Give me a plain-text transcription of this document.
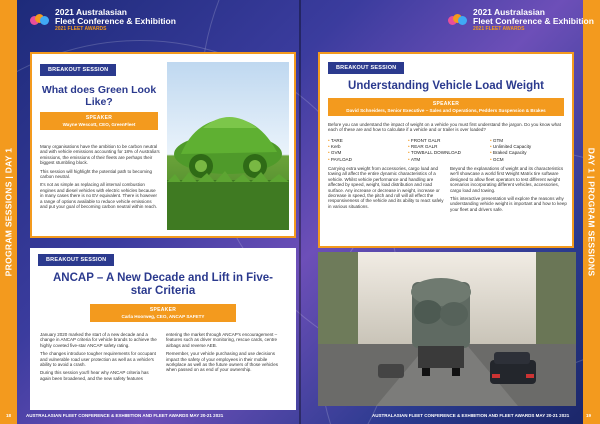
PROGRAM SESSIONS | DAY 1	DAY 1 | PROGRAM SESSIONS
2021 Australasian
Fleet Conference & Exhibition
2021 FLEET AWARDS
2021 Australasian
Fleet Conference & Exhibition
2021 FLEET AWARDS
BREAKOUT SESSION
What does Green Look Like?
SPEAKER
Wayne Wescott, CEO, GreenFleet

Many organisations have the ambition to be carbon neutral and with vehicle emissions accounting for 18% of Australia's emissions, the emissions of their fleets are perhaps their biggest stumbling block.

This session will highlight the potential path to becoming carbon neutral.

It's not as simple as replacing all internal combustion engines and diesel vehicles with electric vehicles because in many cases there is no EV equivalent. There is however a range of options available to reduce vehicle emissions and put your goal of becoming carbon neutral within reach.

BREAKOUT SESSION
ANCAP – A New Decade and Lift in Five-star Criteria
SPEAKER
Carla Hoorweg, CEO, ANCAP SAFETY

January 2020 marked the start of a new decade and a change in ANCAP criteria for vehicle brands to achieve the highly coveted five-star ANCAP safety rating.

The changes introduce tougher requirements for occupant and vulnerable road user protection as well as a vehicle's ability to avoid a crash.

During this session you'll hear why ANCAP criteria has again been broadened, and the new safety features

entering the market through ANCAP's encouragement – features such as driver monitoring, rescue cards, centre airbags and reverse AEB.

Remember, your vehicle purchasing and use decisions impact the safety of your employees in their mobile workplace as well as the future owners of those vehicles when passed on as end of your ownership.

BREAKOUT SESSION
Understanding Vehicle Load Weight
SPEAKER
David Schneiders, Senior Executive – Sales and Operations, Pedders Suspension & Brakes
Before you can understand the impact of weight on a vehicle you must first understand the jargon. Do you know what each of these are and how to calculate if a vehicle and or trailer is over loaded?
• TARE
• Kerb
• GVM
• PAYLOAD
• FRONT GALR
• REAR GALR
• TOWBALL DOWNLOAD
• ATM
• GTM
• Unlimited Capacity
• Braked Capacity
• GCM

Carrying extra weight from accessories, cargo load and towing all affect the entire dynamic characteristics of a vehicle. Whilst vehicle performance and handling are affected by speed, weight, load distribution and road surface. Any increase or decrease in weight, increase or decrease in speed, the pitch and roll will all effect the responsiveness of the vehicle and its ability to react safely in various situations.

Beyond the explanations of weight and its characteristics we'll showcase a world first Weight Matrix tire software designed to allow fleet operators to test different weight scenarios incorporating different vehicles, accessories, cargo load and towing.

This interactive presentation will explore the reasons why understanding vehicle weight is important and how to keep your fleet and drivers safe.

18	AUSTRALASIAN FLEET CONFERENCE & EXHIBITION AND FLEET AWARDS MAY 20-21 2021	AUSTRALASIAN FLEET CONFERENCE & EXHIBITION AND FLEET AWARDS MAY 20-21 2021	19
